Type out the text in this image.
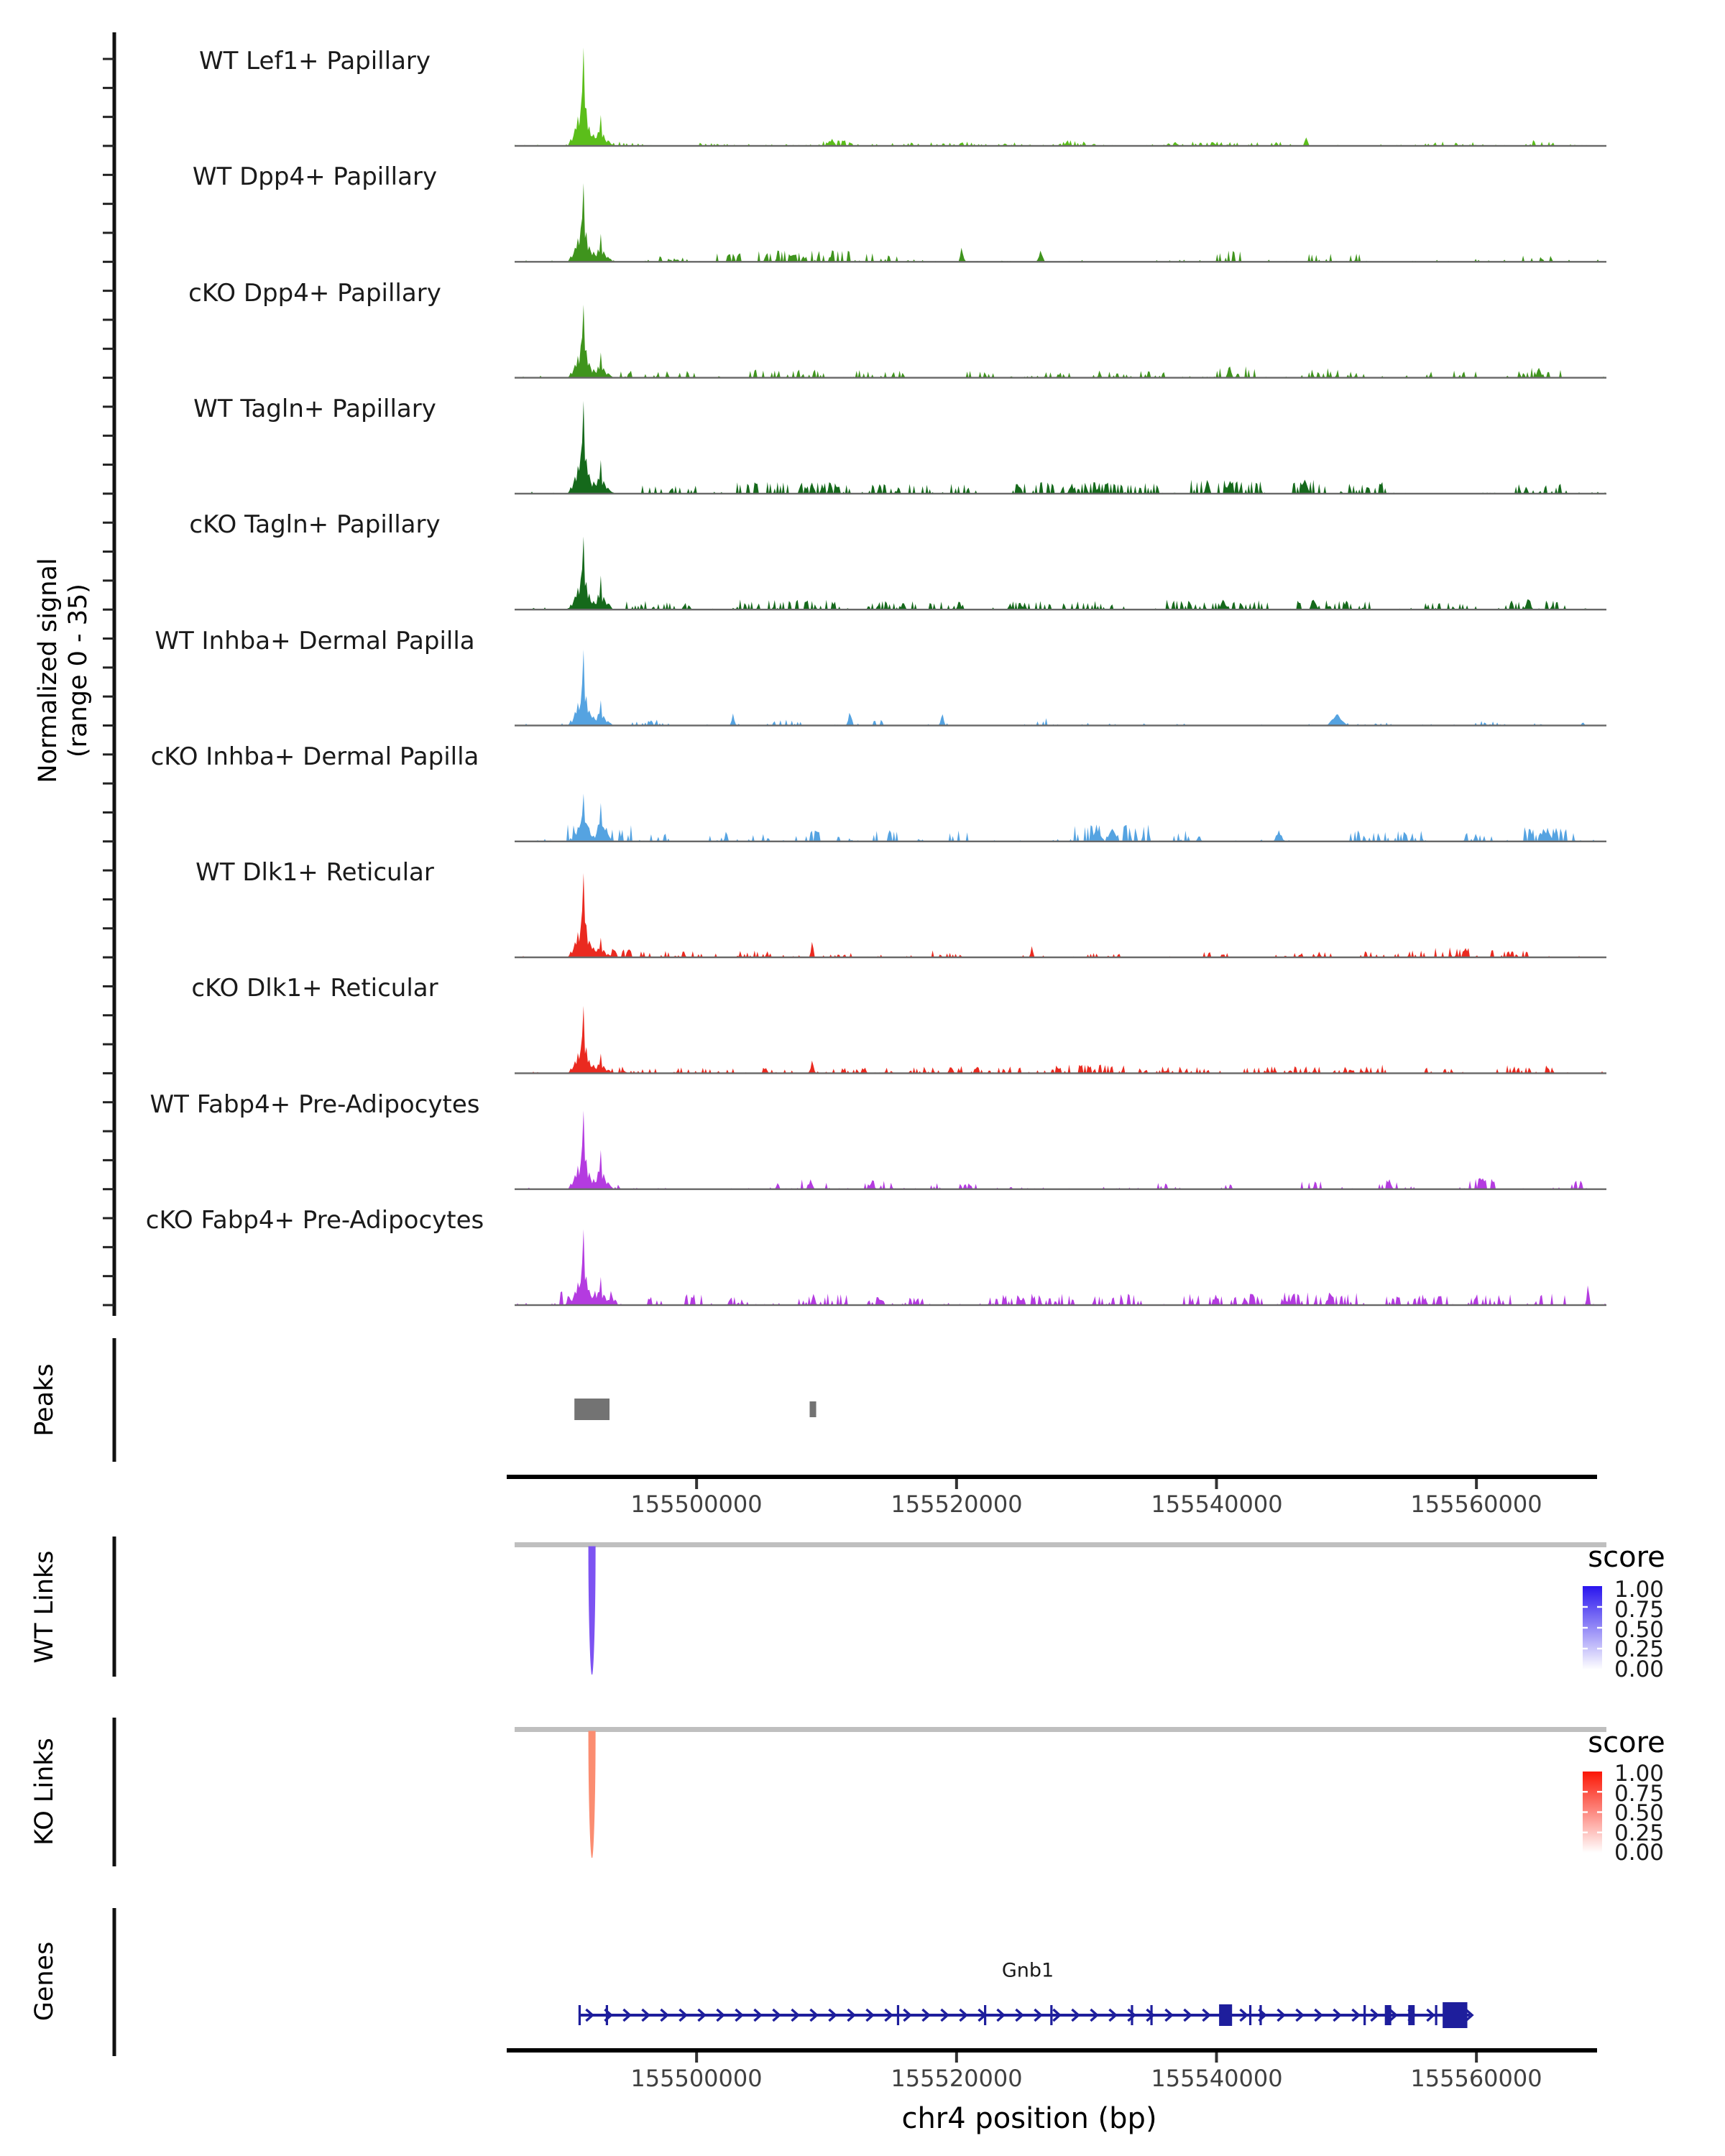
Normalized signal (range 0 - 35)
Peaks
WT Links
KO Links
Genes
score
score
Gnb1
chr4 position (bp)
WT Lef1+ Papillary
WT Dpp4+ Papillary
cKO Dpp4+ Papillary
WT Tagln+ Papillary
cKO Tagln+ Papillary
WT Inhba+ Dermal Papilla
cKO Inhba+ Dermal Papilla
WT Dlk1+ Reticular
cKO Dlk1+ Reticular
WT Fabp4+ Pre-Adipocytes
cKO Fabp4+ Pre-Adipocytes
155500000	155520000	155540000	155560000
155500000	155520000	155540000	155560000
1.00
0.75
0.50
0.25
0.00
1.00
0.75
0.50
0.25
0.00
